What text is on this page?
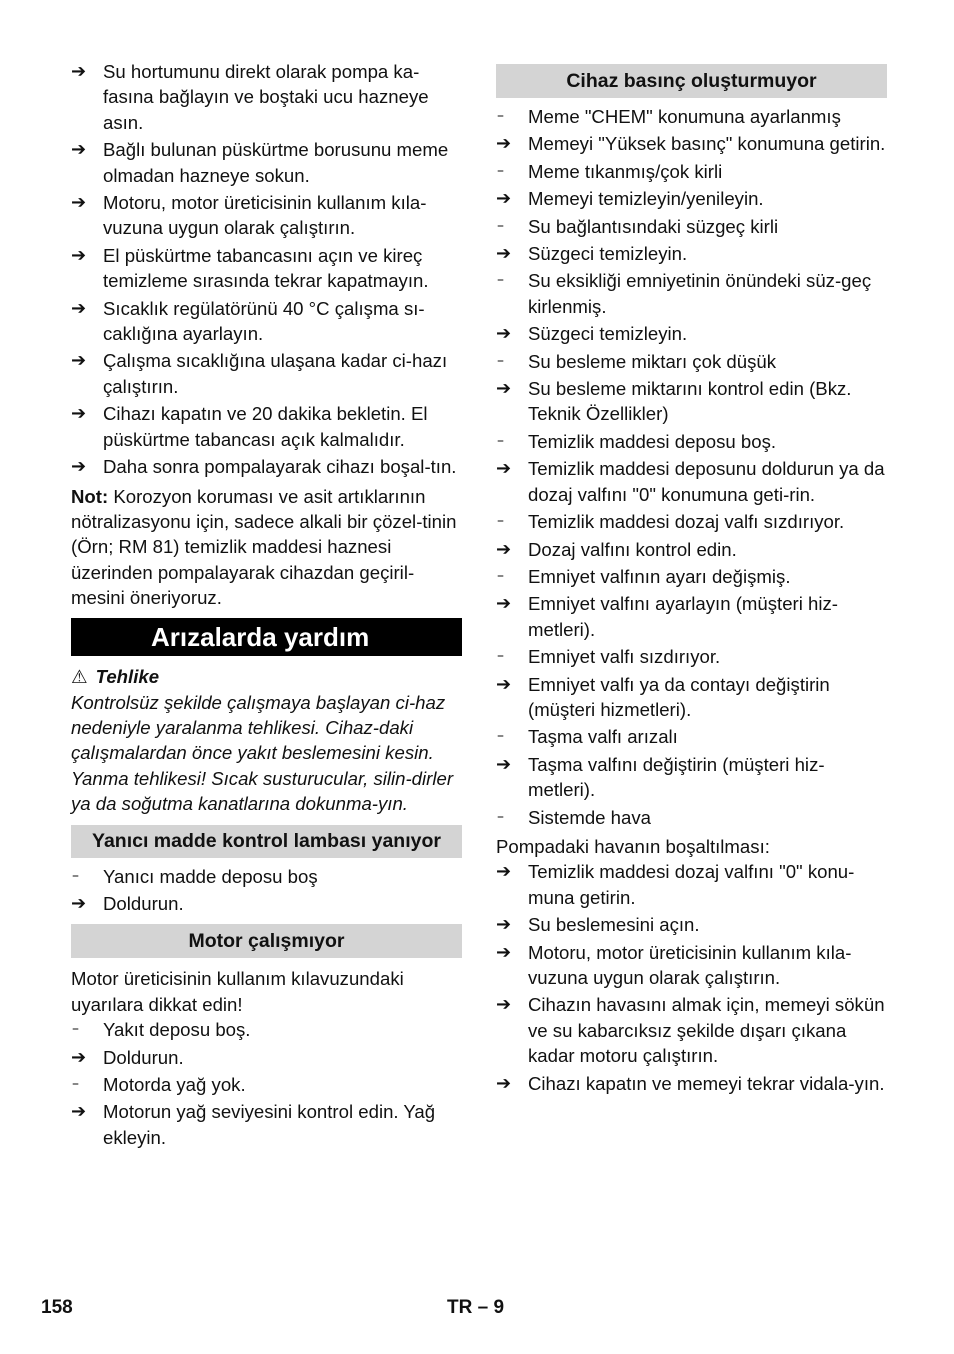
➔ Su hortumunu direkt olarak pompa ka-fasına bağlayın ve boştaki ucu hazneye asın.
➔ Bağlı bulunan püskürtme borusunu meme olmadan hazneye sokun.
➔ Motoru, motor üreticisinin kullanım kıla-vuzuna uygun olarak çalıştırın.
➔ El püskürtme tabancasını açın ve kireç temizleme sırasında tekrar kapatmayın.
➔ Sıcaklık regülatörünü 40 °C çalışma sı-caklığına ayarlayın.
➔ Çalışma sıcaklığına ulaşana kadar ci-hazı çalıştırın.
➔ Cihazı kapatın ve 20 dakika bekletin. El püskürtme tabancası açık kalmalıdır.
➔ Daha sonra pompalayarak cihazı boşal-tın.

Not: Korozyon koruması ve asit artıklarının nötralizasyonu için, sadece alkali bir çözel-tinin (Örn; RM 81) temizlik maddesi haznesi üzerinden pompalayarak cihazdan geçiril-mesini öneriyoruz.

Arızalarda yardım
⚠ Tehlike

Kontrolsüz şekilde çalışmaya başlayan ci-haz nedeniyle yaralanma tehlikesi. Cihaz-daki çalışmalardan önce yakıt beslemesini kesin.

Yanma tehlikesi! Sıcak susturucular, silin-dirler ya da soğutma kanatlarına dokunma-yın.

Yanıcı madde kontrol lambası yanıyor
–	Yanıcı madde deposu boş
➔ Doldurun.
Motor çalışmıyor

Motor üreticisinin kullanım kılavuzundaki uyarılara dikkat edin!

–	Yakıt deposu boş.
➔ Doldurun.
–	Motorda yağ yok.
➔ Motorun yağ seviyesini kontrol edin. Yağ ekleyin.
Cihaz basınç oluşturmuyor
–	Meme "CHEM" konumuna ayarlanmış
➔ Memeyi "Yüksek basınç" konumuna getirin.
–	Meme tıkanmış/çok kirli
➔ Memeyi temizleyin/yenileyin.
–	Su bağlantısındaki süzgeç kirli
➔ Süzgeci temizleyin.
–	Su eksikliği emniyetinin önündeki süz-geç kirlenmiş.
➔ Süzgeci temizleyin.
–	Su besleme miktarı çok düşük
➔ Su besleme miktarını kontrol edin (Bkz. Teknik Özellikler)
–	Temizlik maddesi deposu boş.
➔ Temizlik maddesi deposunu doldurun ya da dozaj valfını "0" konumuna geti-rin.
–	Temizlik maddesi dozaj valfı sızdırıyor.
➔ Dozaj valfını kontrol edin.
–	Emniyet valfının ayarı değişmiş.
➔ Emniyet valfını ayarlayın (müşteri hiz-metleri).
–	Emniyet valfı sızdırıyor.
➔ Emniyet valfı ya da contayı değiştirin (müşteri hizmetleri).
–	Taşma valfı arızalı
➔ Taşma valfını değiştirin (müşteri hiz-metleri).
–	Sistemde hava

Pompadaki havanın boşaltılması:

➔ Temizlik maddesi dozaj valfını "0" konu-muna getirin.
➔ Su beslemesini açın.
➔ Motoru, motor üreticisinin kullanım kıla-vuzuna uygun olarak çalıştırın.
➔ Cihazın havasını almak için, memeyi sökün ve su kabarcıksız şekilde dışarı çıkana kadar motoru çalıştırın.
➔ Cihazı kapatın ve memeyi tekrar vidala-yın.
158	TR – 9
